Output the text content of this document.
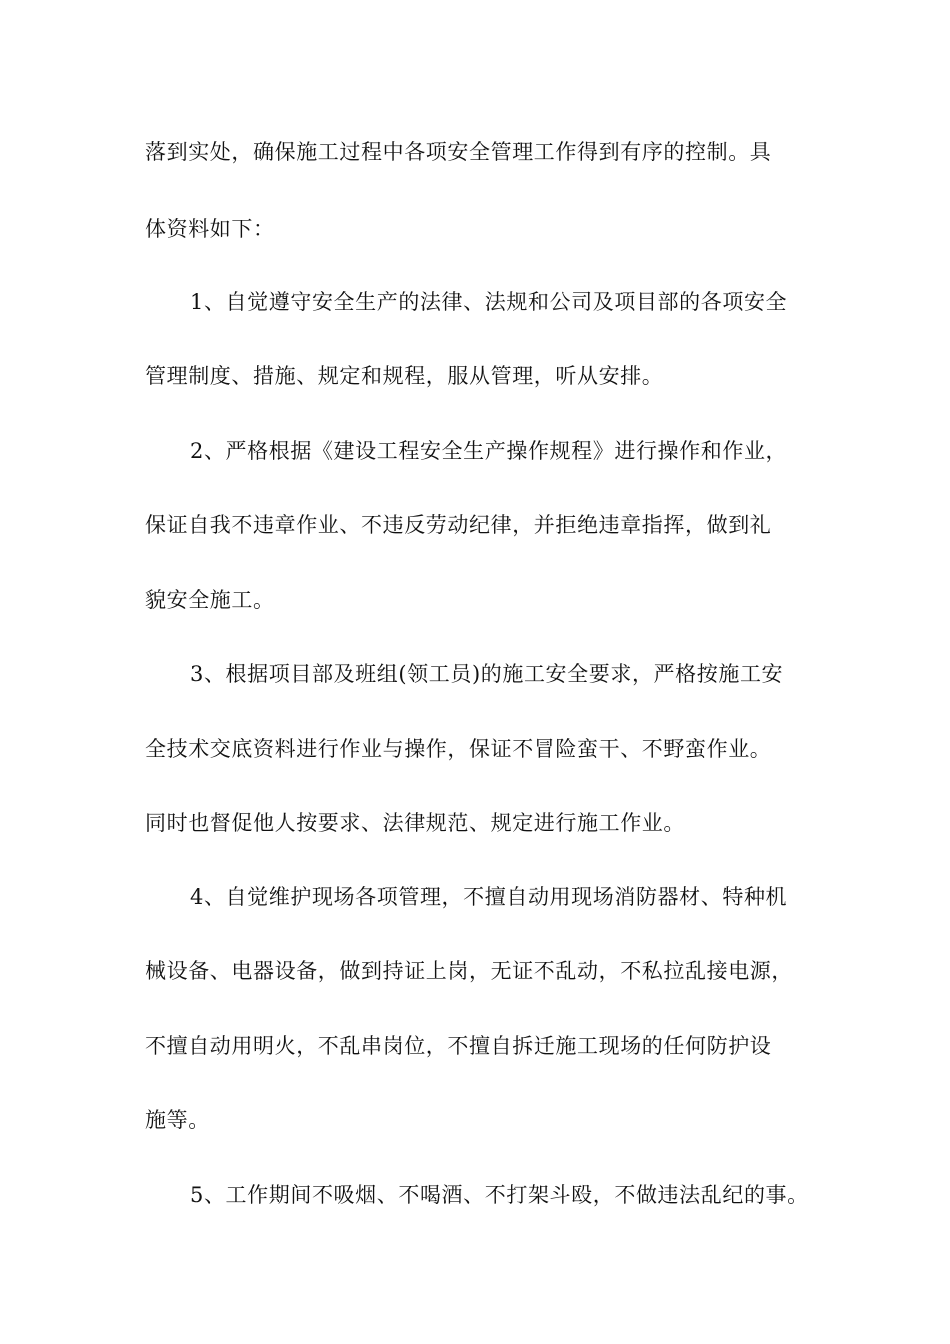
落到实处，确保施工过程中各项安全管理工作得到有序的控制。具
体资料如下：
1、自觉遵守安全生产的法律、法规和公司及项目部的各项安全
管理制度、措施、规定和规程，服从管理，听从安排。
2、严格根据《建设工程安全生产操作规程》进行操作和作业，
保证自我不违章作业、不违反劳动纪律，并拒绝违章指挥，做到礼
貌安全施工。
3、根据项目部及班组(领工员)的施工安全要求，严格按施工安
全技术交底资料进行作业与操作，保证不冒险蛮干、不野蛮作业。
同时也督促他人按要求、法律规范、规定进行施工作业。
4、自觉维护现场各项管理，不擅自动用现场消防器材、特种机
械设备、电器设备，做到持证上岗，无证不乱动，不私拉乱接电源，
不擅自动用明火，不乱串岗位，不擅自拆迁施工现场的任何防护设
施等。
5、工作期间不吸烟、不喝酒、不打架斗殴，不做违法乱纪的事。
